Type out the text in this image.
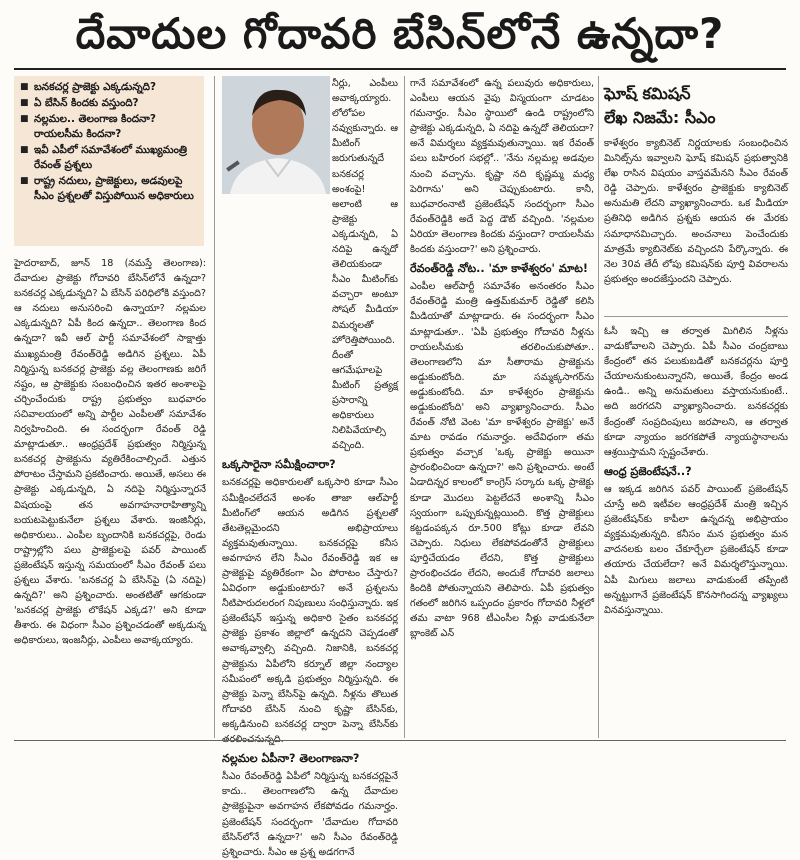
దేవాదుల గోదావరి బేసిన్‌లోనే ఉన్నదా?
■ బనకచర్ల ప్రాజెక్టు ఎక్కడున్నది?
■ ఏ బేసిన్ కిందకు వస్తుంది?
■ నల్లమల.. తెలంగాణ కిందనా? రాయలసీమ కిందనా?
■ ఇవీ ఎపీలో సమావేశంలో ముఖ్యమంత్రి రేవంత్ ప్రశ్నలు
■ రాష్ట్ర నదులు, ప్రాజెక్టులు, అడవులపై సీఎం ప్రశ్నలతో విస్తుపోయిన అధికారులు

హైదరాబాద్, జూన్ 18 (నమస్తే తెలంగాణ): దేవాదుల ప్రాజెక్టు గోదావరి బేసిన్‌లోనే ఉన్నదా? బనకచర్ల ఎక్కడున్నది? ఏ బేసిన్ పరిధిలోకి వస్తుంది? ఆ నదులు అనుసరించి ఉన్నాయా? నల్లమల ఎక్కడున్నది? ఏపీ కింద ఉన్నదా.. తెలంగాణ కింద ఉన్నదా? ఇవీ ఆల్ పార్టీ సమావేశంలో సాక్షాత్తు ముఖ్యమంత్రి రేవంత్‌రెడ్డి అడిగిన ప్రశ్నలు. ఏపీ నిర్మిస్తున్న బనకచర్ల ప్రాజెక్టు వల్ల తెలంగాణకు జరిగే నష్టం, ఆ ప్రాజెక్టుకు సంబంధించిన ఇతర అంశాలపై చర్చించేందుకు రాష్ట్ర ప్రభుత్వం బుధవారం సచివాలయంలో అన్ని పార్టీల ఎంపీలతో సమావేశం నిర్వహించింది. ఈ సందర్భంగా రేవంత్ రెడ్డి మాట్లాడుతూ.. ఆంధ్రప్రదేశ్ ప్రభుత్వం నిర్మిస్తున్న బనకచర్ల ప్రాజెక్టును వ్యతిరేకించాల్సిందే. ఎత్తున పోరాటం చేస్తామని ప్రకటించారు. అయితే, అసలు ఈ ప్రాజెక్టు ఎక్కడున్నది, ఏ నదిపై నిర్మిస్తున్నారనే విషయంపై తన అవగాహనారాహిత్యాన్ని బయటపెట్టుకునేలా ప్రశ్నలు వేశారు. ఇంజినీర్లు, అధికారులు.. ఎంపీల బృందానికి బనకచర్లపై, రెండు రాష్ట్రాల్లోని పలు ప్రాజెక్టులపై పవర్ పాయింట్ ప్రజెంటేషన్ ఇస్తున్న సమయంలో సీఎం రేవంత్ పలు ప్రశ్నలు వేశారు. 'బనకచర్ల ఏ బేసిన్‌పై (ఏ నదిపై) ఉన్నది?' అని ప్రశ్నించారు. అంతటితో ఆగకుండా 'బనకచర్ల ప్రాజెక్టు లొకేషన్ ఎక్కడ?' అని కూడా తీశారు. ఈ విధంగా సీఎం ప్రశ్నించడంతో అక్కడున్న అధికారులు, ఇంజనీర్లు, ఎంపీలు అవాక్కయ్యారు.

నీర్లు, ఎంపీలు అవాక్కయ్యారు. లోలోపల నవ్వుకున్నారు. ఆ మీటింగ్ జరుగుతున్నదే బనకచర్ల అంశంపై! అలాంటి ఆ ప్రాజెక్టు ఎక్కడున్నది, ఏ నదిపై ఉన్నదో తెలియకుండా సీఎం మీటింగ్‌కు వచ్చారా అంటూ సోషల్ మీడియా విమర్శలతో హోరెత్తిపోయింది. దీంతో ఆగమేఘాలపై మీటింగ్ ప్రత్యక్ష ప్రసారాన్ని అధికారులు నిలిపివేయాల్సి వచ్చింది.

ఒక్కసారైనా సమీక్షించారా?

బనకచర్లపై అధికారులతో ఒక్కసారి కూడా సీఎం సమీక్షించలేదనే అంశం తాజా ఆల్‌పార్టీ మీటింగ్‌లో ఆయన అడిగిన ప్రశ్నలతో తేటతెల్లమైందని అభిప్రాయాలు వ్యక్తమవుతున్నాయి. బనకచర్లపై కనీస అవగాహన లేని సీఎం రేవంత్‌రెడ్డి ఇక ఆ ప్రాజెక్టుపై వ్యతిరేకంగా ఏం పోరాటం చేస్తారు? ఏవిధంగా అడ్డుకుంటారు? అనే ప్రశ్నలను నీటిపారుదలరంగ నిపుణులు సంధిస్తున్నారు. ఇక ప్రజెంటేషన్ ఇస్తున్న అధికారి సైతం బనకచర్ల ప్రాజెక్టు ప్రకాశం జిల్లాలో ఉన్నదని చెప్పడంతో అవాక్కవ్వాల్సి వచ్చింది. నిజానికి, బనకచర్ల ప్రాజెక్టును ఏపీలోని కర్నూల్ జిల్లా నంద్యాల సమీపంలో అక్కడి ప్రభుత్వం నిర్మిస్తున్నది. ఈ ప్రాజెక్టు పెన్నా బేసిన్‌పై ఉన్నది. నీళ్లను తొలుత గోదావరి బేసిన్ నుంచి కృష్ణా బేసిన్‌కు, అక్కడినుంచి బనకచర్ల ద్వారా పెన్నా బేసిన్‌కు

నల్లమల ఏపీనా? తెలంగాణనా?

సీఎం రేవంత్‌రెడ్డి ఏపీలో నిర్మిస్తున్న బనకచర్లపైనే కాదు.. తెలంగాణలోని ఉన్న దేవాదుల ప్రాజెక్టుపైనా అవగాహన లేకపోవడం గమనార్హం. ప్రజెంటేషన్ సందర్భంగా 'దేవాదుల గోదావరి బేసిన్‌లోనే ఉన్నదా?' అని సీఎం రేవంత్‌రెడ్డి ప్రశ్నించారు. సీఎం ఆ ప్రశ్న అడగగానే

గానే సమావేశంలో ఉన్న పలువురు అధికారులు, ఎంపీలు ఆయన వైపు విస్మయంగా చూడటం గమనార్హం. సీఎం స్థాయిలో ఉండి రాష్ట్రంలోని ప్రాజెక్టు ఎక్కడున్నది, ఏ నదిపై ఉన్నదో తెలియదా? అనే విమర్శలు వ్యక్తమవుతున్నాయి. ఇక రేవంత్ పలు బహిరంగ సభల్లో.. 'నేను నల్లమల్ల అడవుల నుంచి వచ్చాను. కృష్ణా నది కృష్ణమ్మ మధ్య పెరిగాను' అని చెప్పుకుంటారు. కానీ, బుధవారంనాటి ప్రజెంటేషన్ సందర్భంగా సీఎం రేవంత్‌రెడ్డికి అదే పెద్ద డౌట్ వచ్చింది. 'నల్లమల ఏరియా తెలంగాణ కిందకు వస్తుందా? రాయలసీమ కిందకు వస్తుందా?' అని ప్రశ్నించారు.

రేవంత్‌రెడ్డి నోట.. 'మా కాళేశ్వరం' మాట!

ఎంపీల ఆల్‌పార్టీ సమావేశం అనంతరం సీఎం రేవంత్‌రెడ్డి మంత్రి ఉత్తమ్‌కుమార్ రెడ్డితో కలిసి మీడియాతో మాట్లాడారు. ఈ సందర్భంగా సీఎం మాట్లాడుతూ.. 'ఏపీ ప్రభుత్వం గోదావరి నీళ్లను రాయలసీమకు తరలించుకుపోతూ.. తెలంగాణలోని మా సీతారామ ప్రాజెక్టును అడ్డుకుంటోంది. మా సమ్మక్కసాగర్‌ను అడ్డుకుంటోంది. మా కాళేశ్వరం ప్రాజెక్టును అడ్డుకుంటోంది' అని వ్యాఖ్యానించారు. సీఎం రేవంత్ నోటి వెంట 'మా కాళేశ్వరం ప్రాజెక్టు' అనే మాట రావడం గమనార్హం. అదేవిధంగా తమ ప్రభుత్వం వచ్చాక 'ఒక్క ప్రాజెక్టు అయినా ప్రారంభించిందా ఉన్నదా?' అని ప్రశ్నించారు. అంటే ఏడాదిన్నర కాలంలో కాంగ్రెస్ సర్కారు ఒక్క ప్రాజెక్టు కూడా మొదలు పెట్టలేదనే అంశాన్ని సీఎం స్వయంగా ఒప్పుకున్నట్లయింది. కొత్త ప్రాజెక్టులు కట్టడంపక్కన రూ.500 కోట్లు కూడా లేవని చెప్పారు. నిధులు లేకపోవడంతోనే ప్రాజెక్టులు పూర్తిచేయడం లేదని, కొత్త ప్రాజెక్టులు ప్రారంభించడం లేదని, అందుకే గోదావరి జలాలు కిందికి పోతున్నాయని తెలిపారు. ఏపీ ప్రభుత్వం గతంలో జరిగిన ఒప్పందం ప్రకారం గోదావరి నీళ్లలో తమ వాటా 968 టీఎంసీల నీళ్లు వాడుకునేలా బ్లాంకెట్ ఎన్

ఘోష్ కమిషన్
లేఖ నిజమే: సీఎం
కాళేశ్వరం క్యాబినెట్ నిర్ణయాలకు సంబంధించిన మినిట్స్‌ను ఇవ్వాలని ఘోష్ కమిషన్ ప్రభుత్వానికి లేఖ రాసిన విషయం వాస్తవమేనని సీఎం రేవంత్ రెడ్డి చెప్పారు. కాళేశ్వరం ప్రాజెక్టుకు క్యాబినెట్ అనుమతి లేదని వ్యాఖ్యానించారు. ఒక మీడియా ప్రతినిధి అడిగిన ప్రశ్నకు ఆయన ఈ మేరకు సమాధానమిచ్చారు. అంచనాలు పెంచేందుకు మాత్రమే క్యాబినెట్‌కు వచ్చిందని పేర్కొన్నారు. ఈ నెల 30వ తేదీ లోపు కమిషన్‌కు పూర్తి వివరాలను ప్రభుత్వం అందజేస్తుందని చెప్పారు.

ఓసీ ఇచ్చి ఆ తర్వాత మిగిలిన నీళ్లను వాడుకోవాలని చెప్పారు. ఏపీ సీఎం చంద్రబాబు కేంద్రంలో తన పలుకుబడితో బనకచర్లను పూర్తి చేయాలనుకుంటున్నారని, అయితే, కేంద్రం అండ ఉండి.. అన్ని అనుమతులు వస్తాయనుకుంటే.. అది జరగదని వ్యాఖ్యానించారు. బనకచర్లకు కేంద్రంతో సంప్రదింపులు జరపాలని, ఆ తర్వాత కూడా న్యాయం జరగకపోతే న్యాయస్థానాలను ఆశ్రయిస్తామని స్పష్టంచేశారు.

ఆంధ్ర ప్రజెంటేషనే..?

ఆ ఇక్కడ జరిగిన పవర్ పాయింట్ ప్రజెంటేషన్ చూస్తే అది ఇటీవల ఆంధ్రప్రదేశ్ మంత్రి ఇచ్చిన ప్రజెంటేషన్‌కు కాపీలా ఉన్నదన్న అభిప్రాయం వ్యక్తమవుతున్నది. కనీసం మన ప్రభుత్వం మన వాదనలకు బలం చేకూర్చేలా ప్రజెంటేషన్ కూడా తయారు చేయలేదా? అనే విమర్శలొస్తున్నాయి. ఏపీ మిగులు జలాలు వాడుకుంటే తప్పేంటి అన్నట్టుగానే ప్రజెంటేషన్ కొనసాగిందన్న వ్యాఖ్యలు వినవస్తున్నాయి.
